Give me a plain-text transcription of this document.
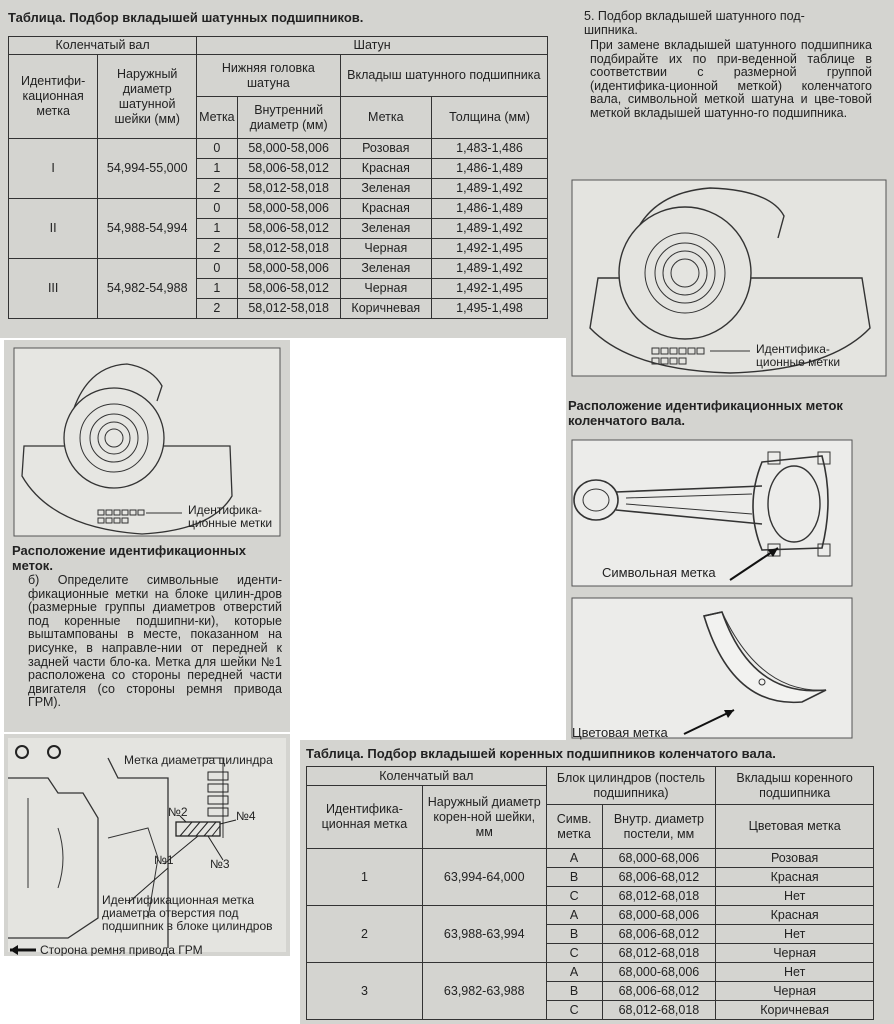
Таблица. Подбор вкладышей шатунных подшипников.
Коленчатый вал		Шатун			
Идентифи-кационная метка	Наружный диаметр шатунной шейки (мм)	Нижняя головка шатуна		Вкладыш шатунного подшипника	
		Метка	Внутренний диаметр (мм)	Метка	Толщина (мм)
I	54,994-55,000	0	58,000-58,006	Розовая	1,483-1,486
		1	58,006-58,012	Красная	1,486-1,489
		2	58,012-58,018	Зеленая	1,489-1,492
II	54,988-54,994	0	58,000-58,006	Красная	1,486-1,489
		1	58,006-58,012	Зеленая	1,489-1,492
		2	58,012-58,018	Черная	1,492-1,495
III	54,982-54,988	0	58,000-58,006	Зеленая	1,489-1,492
		1	58,006-58,012	Черная	1,492-1,495
		2	58,012-58,018	Коричневая	1,495-1,498
5. Подбор вкладышей шатунного под-
шипника.

При замене вкладышей шатунного подшипника подбирайте их по при-веденной таблице в соответствии с размерной группой (идентифика-ционной меткой) коленчатого вала, символьной меткой шатуна и цве-товой меткой вкладышей шатунно-го подшипника.

Идентифика-ционные метки
Расположение идентификационных меток коленчатого вала.
Идентифика-ционные метки
Расположение идентификационных меток.

б) Определите символьные иденти-фикационные метки на блоке цилин-дров (размерные группы диаметров отверстий под коренные подшипни-ки), которые выштампованы в месте, показанном на рисунке, в направле-нии от передней к задней части бло-ка. Метка для шейки №1 расположена со стороны передней части двигателя (со стороны ремня привода ГРМ).

Метка диаметра цилиндра
№2	№4
№1	№3
Идентификационная метка диаметра отверстия под подшипник в блоке цилиндров
Сторона ремня привода ГРМ
Символьная метка
Цветовая метка
Таблица. Подбор вкладышей коренных подшипников коленчатого вала.
Коленчатый вал		Блок цилиндров (постель подшипника)		Вкладыш коренного подшипника
Идентифика-ционная метка	Наружный диаметр корен-ной шейки, мм			
		Симв. метка	Внутр. диаметр постели, мм	Цветовая метка
1	63,994-64,000	A	68,000-68,006	Розовая
		B	68,006-68,012	Красная
		C	68,012-68,018	Нет
2	63,988-63,994	A	68,000-68,006	Красная
		B	68,006-68,012	Нет
		C	68,012-68,018	Черная
3	63,982-63,988	A	68,000-68,006	Нет
		B	68,006-68,012	Черная
		C	68,012-68,018	Коричневая
